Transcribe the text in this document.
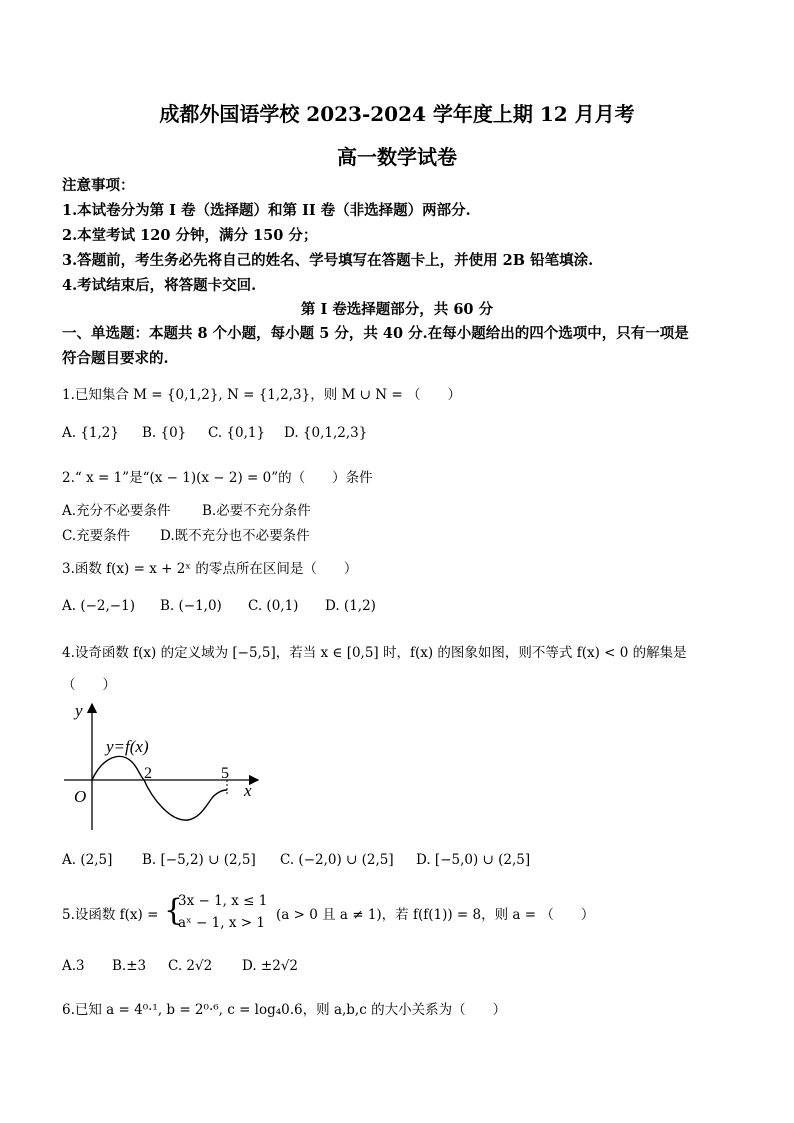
成都外国语学校 2023-2024 学年度上期 12 月月考
高一数学试卷
注意事项：
1.本试卷分为第 I 卷（选择题）和第 II 卷（非选择题）两部分.
2.本堂考试 120 分钟，满分 150 分；
3.答题前，考生务必先将自己的姓名、学号填写在答题卡上，并使用 2B 铅笔填涂.
4.考试结束后，将答题卡交回.
第 I 卷选择题部分，共 60 分
一、单选题：本题共 8 个小题，每小题 5 分，共 40 分.在每小题给出的四个选项中，只有一项是
符合题目要求的.
1.已知集合 M = {0,1,2}, N = {1,2,3}，则 M ∪ N = （　　）
A. {1,2} B. {0} C. {0,1} D. {0,1,2,3}
2.“ x = 1”是“(x − 1)(x − 2) = 0”的（　　）条件
A.充分不必要条件 B.必要不充分条件
C.充要条件 D.既不充分也不必要条件
3.函数 f(x) = x + 2ˣ 的零点所在区间是（　　）
A. (−2,−1) B. (−1,0) C. (0,1) D. (1,2)
4.设奇函数 f(x) 的定义域为 [−5,5]，若当 x ∈ [0,5] 时，f(x) 的图象如图，则不等式 f(x) < 0 的解集是
（　　）
y
x
O
y=f(x)
2	5
A. (2,5] B. [−5,2) ∪ (2,5] C. (−2,0) ∪ (2,5] D. [−5,0) ∪ (2,5]
5.设函数 f(x) = {
3x − 1, x ≤ 1
aˣ − 1, x > 1 (a > 0 且 a ≠ 1)，若 f(f(1)) = 8，则 a = （　　）
A.3 B.±3 C. 2√2 D. ±2√2
6.已知 a = 4⁰·¹, b = 2⁰·⁶, c = log₄0.6，则 a,b,c 的大小关系为（　　）
